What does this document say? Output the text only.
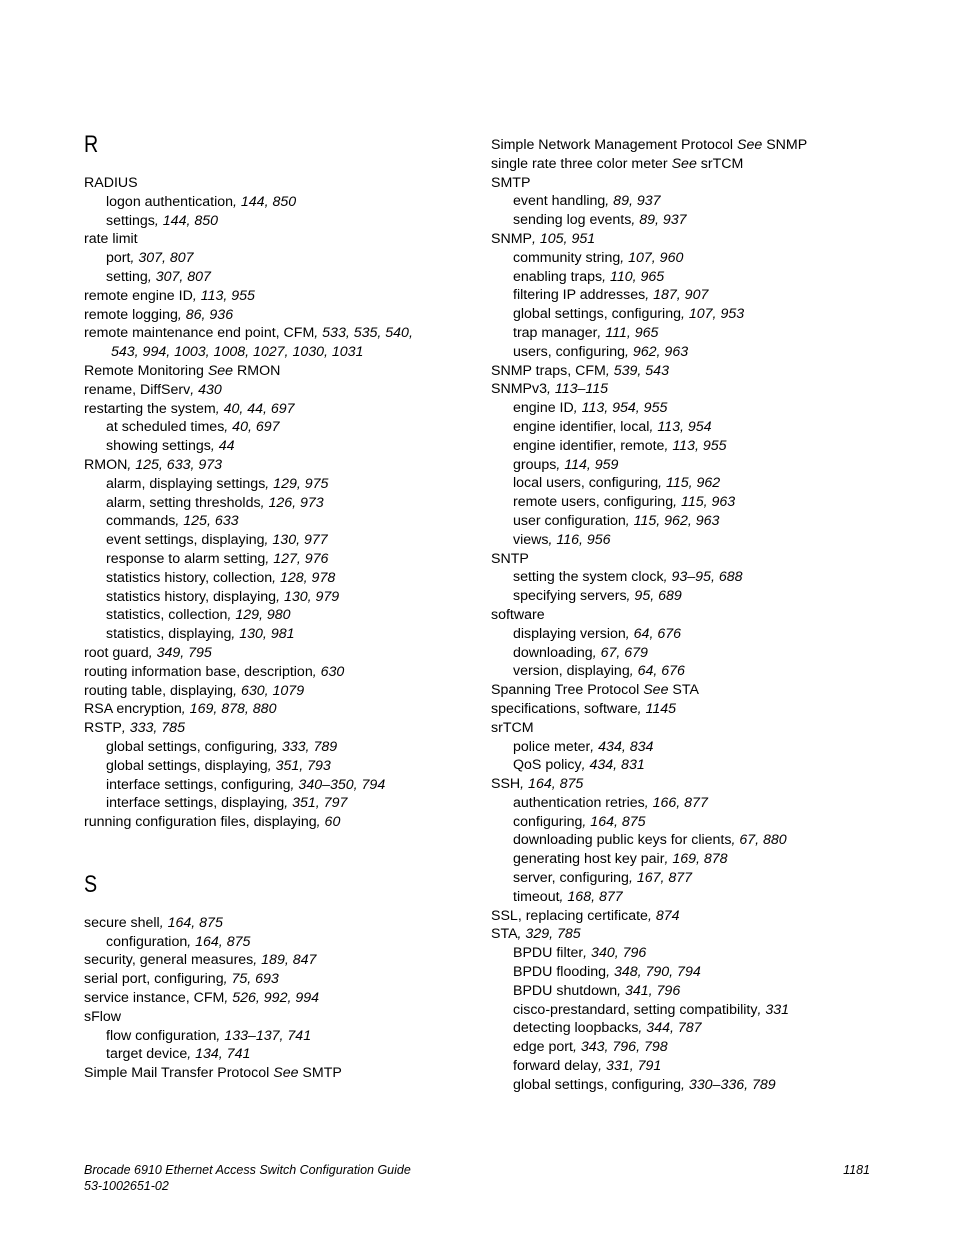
R
RADIUS
logon authentication, 144, 850
settings, 144, 850
rate limit
port, 307, 807
setting, 307, 807
remote engine ID, 113, 955
remote logging, 86, 936
remote maintenance end point, CFM, 533, 535, 540,
543, 994, 1003, 1008, 1027, 1030, 1031
Remote Monitoring See RMON
rename, DiffServ, 430
restarting the system, 40, 44, 697
at scheduled times, 40, 697
showing settings, 44
RMON, 125, 633, 973
alarm, displaying settings, 129, 975
alarm, setting thresholds, 126, 973
commands, 125, 633
event settings, displaying, 130, 977
response to alarm setting, 127, 976
statistics history, collection, 128, 978
statistics history, displaying, 130, 979
statistics, collection, 129, 980
statistics, displaying, 130, 981
root guard, 349, 795
routing information base, description, 630
routing table, displaying, 630, 1079
RSA encryption, 169, 878, 880
RSTP, 333, 785
global settings, configuring, 333, 789
global settings, displaying, 351, 793
interface settings, configuring, 340–350, 794
interface settings, displaying, 351, 797
running configuration files, displaying, 60
S
secure shell, 164, 875
configuration, 164, 875
security, general measures, 189, 847
serial port, configuring, 75, 693
service instance, CFM, 526, 992, 994
sFlow
flow configuration, 133–137, 741
target device, 134, 741
Simple Mail Transfer Protocol See SMTP
Simple Network Management Protocol See SNMP
single rate three color meter See srTCM
SMTP
event handling, 89, 937
sending log events, 89, 937
SNMP, 105, 951
community string, 107, 960
enabling traps, 110, 965
filtering IP addresses, 187, 907
global settings, configuring, 107, 953
trap manager, 111, 965
users, configuring, 962, 963
SNMP traps, CFM, 539, 543
SNMPv3, 113–115
engine ID, 113, 954, 955
engine identifier, local, 113, 954
engine identifier, remote, 113, 955
groups, 114, 959
local users, configuring, 115, 962
remote users, configuring, 115, 963
user configuration, 115, 962, 963
views, 116, 956
SNTP
setting the system clock, 93–95, 688
specifying servers, 95, 689
software
displaying version, 64, 676
downloading, 67, 679
version, displaying, 64, 676
Spanning Tree Protocol See STA
specifications, software, 1145
srTCM
police meter, 434, 834
QoS policy, 434, 831
SSH, 164, 875
authentication retries, 166, 877
configuring, 164, 875
downloading public keys for clients, 67, 880
generating host key pair, 169, 878
server, configuring, 167, 877
timeout, 168, 877
SSL, replacing certificate, 874
STA, 329, 785
BPDU filter, 340, 796
BPDU flooding, 348, 790, 794
BPDU shutdown, 341, 796
cisco-prestandard, setting compatibility, 331
detecting loopbacks, 344, 787
edge port, 343, 796, 798
forward delay, 331, 791
global settings, configuring, 330–336, 789
Brocade 6910 Ethernet Access Switch Configuration Guide	1181
53-1002651-02
